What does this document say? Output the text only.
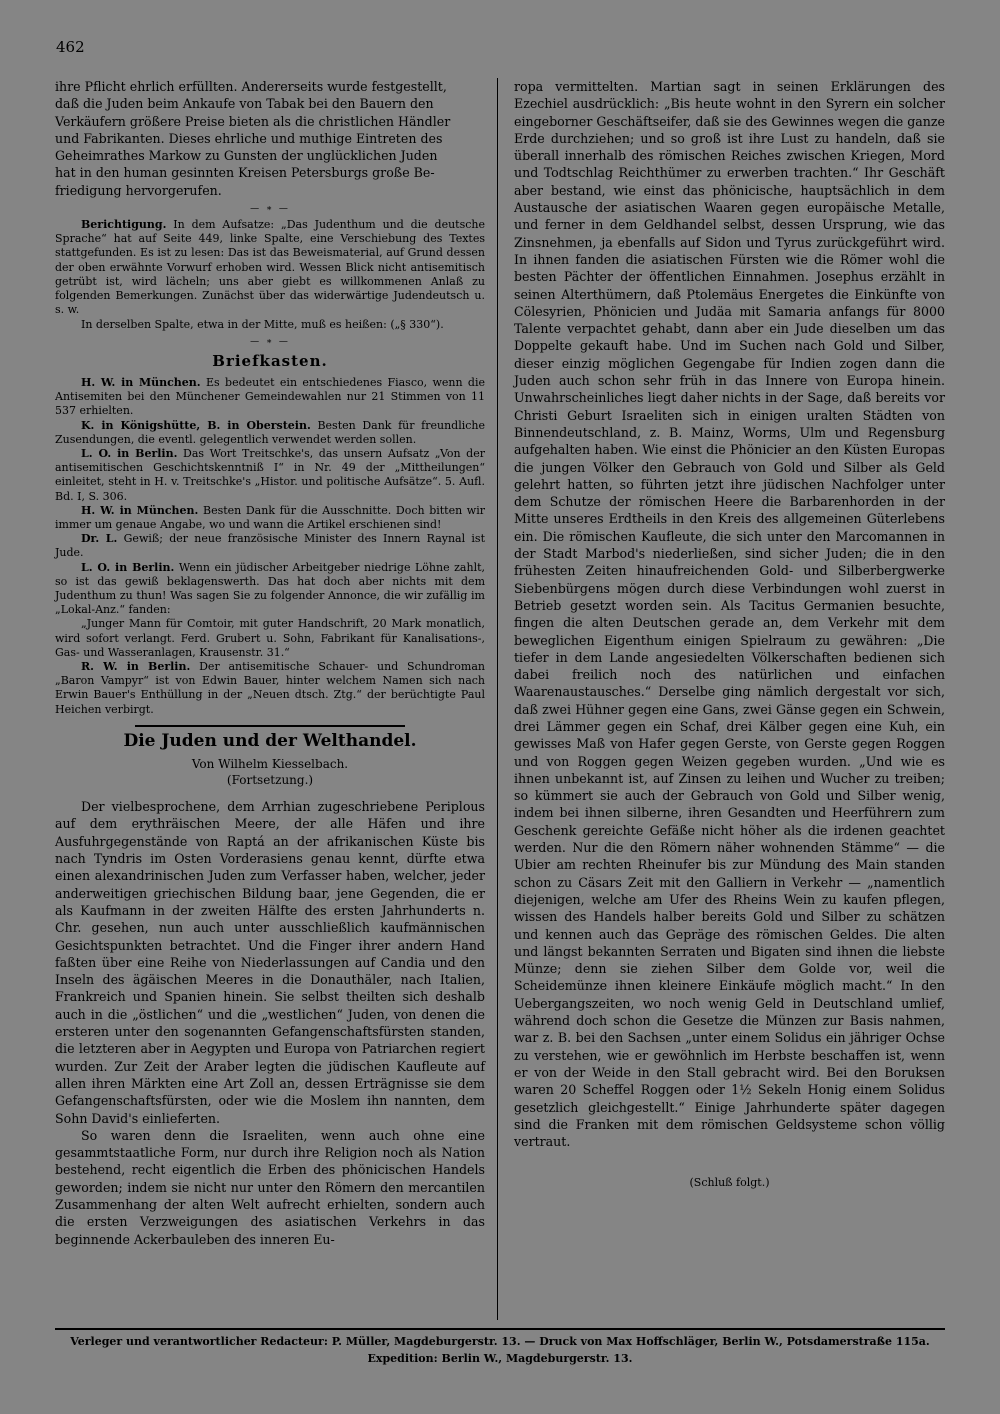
462

ihre Pflicht ehrlich erfüllten. Andererseits wurde festgestellt,

daß die Juden beim Ankaufe von Tabak bei den Bauern den

Verkäufern größere Preise bieten als die christlichen Händler

und Fabrikanten. Dieses ehrliche und muthige Eintreten des

Geheimrathes Markow zu Gunsten der unglücklichen Juden

hat in den human gesinnten Kreisen Petersburgs große Be-

friedigung hervorgerufen.

— ∗ —

Berichtigung. In dem Aufsatze: „Das Judenthum und die deutsche Sprache“ hat auf Seite 449, linke Spalte, eine Verschiebung des Textes stattgefunden. Es ist zu lesen: Das ist das Beweismaterial, auf Grund dessen der oben erwähnte Vorwurf erhoben wird. Wessen Blick nicht antisemitisch getrübt ist, wird lächeln; uns aber giebt es willkommenen Anlaß zu folgenden Bemerkungen. Zunächst über das widerwärtige Judendeutsch u. s. w.

In derselben Spalte, etwa in der Mitte, muß es heißen: („§ 330“).

— ∗ —
Briefkasten.

H. W. in München. Es bedeutet ein entschiedenes Fiasco, wenn die Antisemiten bei den Münchener Gemeindewahlen nur 21 Stimmen von 11 537 erhielten.

K. in Königshütte, B. in Oberstein. Besten Dank für freundliche Zusendungen, die eventl. gelegentlich verwendet werden sollen.

L. O. in Berlin. Das Wort Treitschke's, das unsern Aufsatz „Von der antisemitischen Geschichtskenntniß I“ in Nr. 49 der „Mittheilungen“ einleitet, steht in H. v. Treitschke's „Histor. und politische Aufsätze“. 5. Aufl. Bd. I, S. 306.

H. W. in München. Besten Dank für die Ausschnitte. Doch bitten wir immer um genaue Angabe, wo und wann die Artikel erschienen sind!

Dr. L. Gewiß; der neue französische Minister des Innern Raynal ist Jude.

L. O. in Berlin. Wenn ein jüdischer Arbeitgeber niedrige Löhne zahlt, so ist das gewiß beklagenswerth. Das hat doch aber nichts mit dem Judenthum zu thun! Was sagen Sie zu folgender Annonce, die wir zufällig im „Lokal-Anz.“ fanden:

„Junger Mann für Comtoir, mit guter Handschrift, 20 Mark monatlich, wird sofort verlangt. Ferd. Grubert u. Sohn, Fabrikant für Kanalisations-, Gas- und Wasseranlagen, Krausenstr. 31.“

R. W. in Berlin. Der antisemitische Schauer- und Schundroman „Baron Vampyr“ ist von Edwin Bauer, hinter welchem Namen sich nach Erwin Bauer's Enthüllung in der „Neuen dtsch. Ztg.“ der berüchtigte Paul Heichen verbirgt.

Die Juden und der Welthandel.
Von Wilhelm Kiesselbach.
(Fortsetzung.)

Der vielbesprochene, dem Arrhian zugeschriebene Periplous auf dem erythräischen Meere, der alle Häfen und ihre Ausfuhrgegenstände von Raptá an der afrikanischen Küste bis nach Tyndris im Osten Vorderasiens genau kennt, dürfte etwa einen alexandrinischen Juden zum Verfasser haben, welcher, jeder anderweitigen griechischen Bildung baar, jene Gegenden, die er als Kaufmann in der zweiten Hälfte des ersten Jahrhunderts n. Chr. gesehen, nun auch unter ausschließlich kaufmännischen Gesichtspunkten betrachtet. Und die Finger ihrer andern Hand faßten über eine Reihe von Niederlassungen auf Candia und den Inseln des ägäischen Meeres in die Donauthäler, nach Italien, Frankreich und Spanien hinein. Sie selbst theilten sich deshalb auch in die „östlichen“ und die „westlichen“ Juden, von denen die ersteren unter den sogenannten Gefangenschaftsfürsten standen, die letzteren aber in Aegypten und Europa von Patriarchen regiert wurden. Zur Zeit der Araber legten die jüdischen Kaufleute auf allen ihren Märkten eine Art Zoll an, dessen Erträgnisse sie dem Gefangenschaftsfürsten, oder wie die Moslem ihn nannten, dem Sohn David's einlieferten.

So waren denn die Israeliten, wenn auch ohne eine gesammtstaatliche Form, nur durch ihre Religion noch als Nation bestehend, recht eigentlich die Erben des phönicischen Handels geworden; indem sie nicht nur unter den Römern den mercantilen Zusammenhang der alten Welt aufrecht erhielten, sondern auch die ersten Verzweigungen des asiatischen Verkehrs in das beginnende Ackerbauleben des inneren Eu-

ropa vermittelten. Martian sagt in seinen Erklärungen des Ezechiel ausdrücklich: „Bis heute wohnt in den Syrern ein solcher eingeborner Geschäftseifer, daß sie des Gewinnes wegen die ganze Erde durchziehen; und so groß ist ihre Lust zu handeln, daß sie überall innerhalb des römischen Reiches zwischen Kriegen, Mord und Todtschlag Reichthümer zu erwerben trachten.“ Ihr Geschäft aber bestand, wie einst das phönicische, hauptsächlich in dem Austausche der asiatischen Waaren gegen europäische Metalle, und ferner in dem Geldhandel selbst, dessen Ursprung, wie das Zinsnehmen, ja ebenfalls auf Sidon und Tyrus zurückgeführt wird. In ihnen fanden die asiatischen Fürsten wie die Römer wohl die besten Pächter der öffentlichen Einnahmen. Josephus erzählt in seinen Alterthümern, daß Ptolemäus Energetes die Einkünfte von Cölesyrien, Phönicien und Judäa mit Samaria anfangs für 8000 Talente verpachtet gehabt, dann aber ein Jude dieselben um das Doppelte gekauft habe. Und im Suchen nach Gold und Silber, dieser einzig möglichen Gegengabe für Indien zogen dann die Juden auch schon sehr früh in das Innere von Europa hinein. Unwahrscheinliches liegt daher nichts in der Sage, daß bereits vor Christi Geburt Israeliten sich in einigen uralten Städten von Binnendeutschland, z. B. Mainz, Worms, Ulm und Regensburg aufgehalten haben. Wie einst die Phönicier an den Küsten Europas die jungen Völker den Gebrauch von Gold und Silber als Geld gelehrt hatten, so führten jetzt ihre jüdischen Nachfolger unter dem Schutze der römischen Heere die Barbarenhorden in der Mitte unseres Erdtheils in den Kreis des allgemeinen Güterlebens ein. Die römischen Kaufleute, die sich unter den Marcomannen in der Stadt Marbod's niederließen, sind sicher Juden; die in den frühesten Zeiten hinaufreichenden Gold- und Silberbergwerke Siebenbürgens mögen durch diese Verbindungen wohl zuerst in Betrieb gesetzt worden sein. Als Tacitus Germanien besuchte, fingen die alten Deutschen gerade an, dem Verkehr mit dem beweglichen Eigenthum einigen Spielraum zu gewähren: „Die tiefer in dem Lande angesiedelten Völkerschaften bedienen sich dabei freilich noch des natürlichen und einfachen Waarenaustausches.“ Derselbe ging nämlich dergestalt vor sich, daß zwei Hühner gegen eine Gans, zwei Gänse gegen ein Schwein, drei Lämmer gegen ein Schaf, drei Kälber gegen eine Kuh, ein gewisses Maß von Hafer gegen Gerste, von Gerste gegen Roggen und von Roggen gegen Weizen gegeben wurden. „Und wie es ihnen unbekannt ist, auf Zinsen zu leihen und Wucher zu treiben; so kümmert sie auch der Gebrauch von Gold und Silber wenig, indem bei ihnen silberne, ihren Gesandten und Heerführern zum Geschenk gereichte Gefäße nicht höher als die irdenen geachtet werden. Nur die den Römern näher wohnenden Stämme“ — die Ubier am rechten Rheinufer bis zur Mündung des Main standen schon zu Cäsars Zeit mit den Galliern in Verkehr — „namentlich diejenigen, welche am Ufer des Rheins Wein zu kaufen pflegen, wissen des Handels halber bereits Gold und Silber zu schätzen und kennen auch das Gepräge des römischen Geldes. Die alten und längst bekannten Serraten und Bigaten sind ihnen die liebste Münze; denn sie ziehen Silber dem Golde vor, weil die Scheidemünze ihnen kleinere Einkäufe möglich macht.“ In den Uebergangszeiten, wo noch wenig Geld in Deutschland umlief, während doch schon die Gesetze die Münzen zur Basis nahmen, war z. B. bei den Sachsen „unter einem Solidus ein jähriger Ochse zu verstehen, wie er gewöhnlich im Herbste beschaffen ist, wenn er von der Weide in den Stall gebracht wird. Bei den Boruksen waren 20 Scheffel Roggen oder 1½ Sekeln Honig einem Solidus gesetzlich gleichgestellt.“ Einige Jahrhunderte später dagegen sind die Franken mit dem römischen Geldsysteme schon völlig vertraut.

(Schluß folgt.)
Verleger und verantwortlicher Redacteur: P. Müller, Magdeburgerstr. 13. — Druck von Max Hoffschläger, Berlin W., Potsdamerstraße 115a.
Expedition: Berlin W., Magdeburgerstr. 13.
